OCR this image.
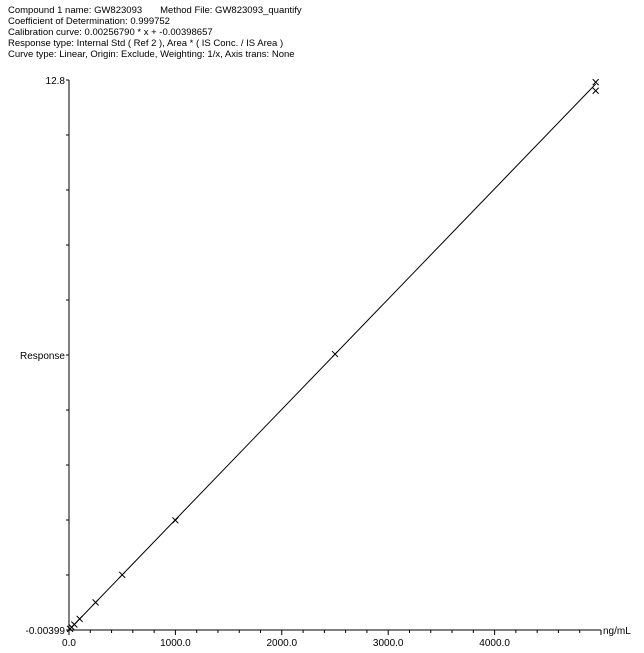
Compound 1 name: GW823093 Method File: GW823093_quantify
Coefficient of Determination: 0.999752
Calibration curve: 0.00256790 * x + -0.00398657
Response type: Internal Std ( Ref 2 ), Area * ( IS Conc. / IS Area )
Curve type: Linear, Origin: Exclude, Weighting: 1/x, Axis trans: None
12.8
-0.00399
Response
0.0	1000.0	2000.0	3000.0	4000.0
ng/mL
